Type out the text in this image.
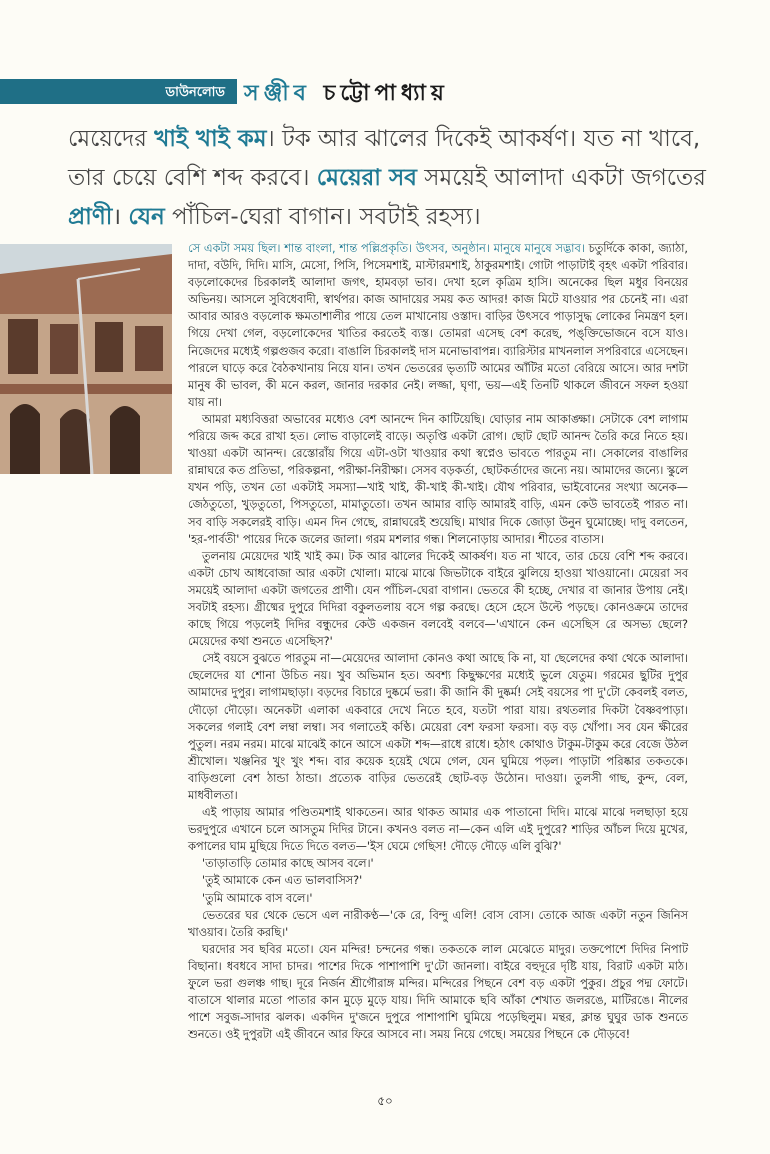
ডাউনলোড সঞ্জীব চট্টোপাধ্যায়
মেয়েদের খাই খাই কম। টক আর ঝালের দিকেই আকর্ষণ। যত না খাবে, তার চেয়ে বেশি শব্দ করবে। মেয়েরা সব সময়েই আলাদা একটা জগতের প্রাণী। যেন পাঁচিল-ঘেরা বাগান। সবটাই রহস্য।

সে একটা সময় ছিল। শান্ত বাংলা, শান্ত পল্লিপ্রকৃতি। উৎসব, অনুষ্ঠান। মানুষে মানুষে সদ্ভাব। চতুর্দিকে কাকা, জ্যাঠা, দাদা, বউদি, দিদি। মাসি, মেসো, পিসি, পিসেমশাই, মাস্টারমশাই, ঠাকুরমশাই। গোটা পাড়াটাই বৃহৎ একটা পরিবার। বড়লোকেদের চিরকালই আলাদা জগৎ, হামবড়া ভাব। দেখা হলে কৃত্রিম হাসি। অনেকের ছিল মধুর বিনয়ের অভিনয়। আসলে সুবিধেবাদী, স্বার্থপর। কাজ আদায়ের সময় কত আদর! কাজ মিটে যাওয়ার পর চেনেই না। এরা আবার আরও বড়লোক ক্ষমতাশালীর পায়ে তেল মাখানোয় ওস্তাদ। বাড়ির উৎসবে পাড়াসুদ্ধ লোকের নিমন্ত্রণ হল। গিয়ে দেখা গেল, বড়লোকেদের খাতির করতেই ব্যস্ত। তোমরা এসেছ বেশ করেছ, পঙ্‌ক্তিভোজনে বসে যাও। নিজেদের মধ্যেই গল্পগুজব করো। বাঙালি চিরকালই দাস মনোভাবাপন্ন। ব্যারিস্টার মাখনলাল সপরিবারে এসেছেন। পারলে ঘাড়ে করে বৈঠকখানায় নিয়ে যান। তখন ভেতরের ভৃত্যটি আমের আঁটির মতো বেরিয়ে আসে। আর দশটা মানুষ কী ভাবল, কী মনে করল, জানার দরকার নেই। লজ্জা, ঘৃণা, ভয়—এই তিনটি থাকলে জীবনে সফল হওয়া যায় না।

আমরা মধ্যবিত্তরা অভাবের মধ্যেও বেশ আনন্দে দিন কাটিয়েছি। ঘোড়ার নাম আকাঙ্ক্ষা। সেটাকে বেশ লাগাম পরিয়ে জব্দ করে রাখা হত। লোভ বাড়ালেই বাড়ে। অতৃপ্তি একটা রোগ। ছোট ছোট আনন্দ তৈরি করে নিতে হয়। খাওয়া একটা আনন্দ। রেস্তোরাঁয় গিয়ে এটা-ওটা খাওয়ার কথা স্বপ্নেও ভাবতে পারতুম না। সেকালের বাঙালির রান্নাঘরে কত প্রতিভা, পরিকল্পনা, পরীক্ষা-নিরীক্ষা। সেসব বড়কর্তা, ছোটকর্তাদের জন্যে নয়। আমাদের জন্যে। স্কুলে যখন পড়ি, তখন তো একটাই সমস্যা—খাই খাই, কী-খাই কী-খাই। যৌথ পরিবার, ভাইবোনের সংখ্যা অনেক—জেঠতুতো, খুড়তুতো, পিসতুতো, মামাতুতো। তখন আমার বাড়ি আমারই বাড়ি, এমন কেউ ভাবতেই পারত না। সব বাড়ি সকলেরই বাড়ি। এমন দিন গেছে, রান্নাঘরেই শুয়েছি। মাথার দিকে জোড়া উনুন ঘুমোচ্ছে। দাদু বলতেন, 'হর-পার্বতী' পায়ের দিকে জলের জালা। গরম মশলার গন্ধ। শিলনোড়ায় আদার। শীতের বাতাস।

তুলনায় মেয়েদের খাই খাই কম। টক আর ঝালের দিকেই আকর্ষণ। যত না খাবে, তার চেয়ে বেশি শব্দ করবে। একটা চোখ আধবোজা আর একটা খোলা। মাঝে মাঝে জিভটাকে বাইরে ঝুলিয়ে হাওয়া খাওয়ানো। মেয়েরা সব সময়েই আলাদা একটা জগতের প্রাণী। যেন পাঁচিল-ঘেরা বাগান। ভেতরে কী হচ্ছে, দেখার বা জানার উপায় নেই। সবটাই রহস্য। গ্রীষ্মের দুপুরে দিদিরা বকুলতলায় বসে গল্প করছে। হেসে হেসে উল্টে পড়ছে। কোনওক্রমে তাদের কাছে গিয়ে পড়লেই দিদির বন্ধুদের কেউ একজন বলবেই বলবে—'এখানে কেন এসেছিস রে অসভ্য ছেলে? মেয়েদের কথা শুনতে এসেছিস?'

সেই বয়সে বুঝতে পারতুম না—মেয়েদের আলাদা কোনও কথা আছে কি না, যা ছেলেদের কথা থেকে আলাদা। ছেলেদের যা শোনা উচিত নয়। খুব অভিমান হত। অবশ্য কিছুক্ষণের মধ্যেই ভুলে যেতুম। গরমের ছুটির দুপুর আমাদের দুপুর। লাগামছাড়া। বড়দের বিচারে দুষ্কর্মে ভরা। কী জানি কী দুষ্কর্ম! সেই বয়সের পা দু'টো কেবলই বলত, দৌড়ো দৌড়ো। অনেকটা এলাকা একবারে দেখে নিতে হবে, যতটা পারা যায়। রথতলার দিকটা বৈষ্ণবপাড়া। সকলের গলাই বেশ লম্বা লম্বা। সব গলাতেই কণ্ঠি। মেয়েরা বেশ ফরসা ফরসা। বড় বড় খোঁপা। সব যেন ক্ষীরের পুতুল। নরম নরম। মাঝে মাঝেই কানে আসে একটা শব্দ—রাধে রাধে। হঠাৎ কোথাও টাকুম-টাকুম করে বেজে উঠল শ্রীখোল। খঞ্জনির খুং খুং শব্দ। বার কয়েক হয়েই থেমে গেল, যেন ঘুমিয়ে পড়ল। পাড়াটা পরিষ্কার তকতকে। বাড়িগুলো বেশ ঠান্ডা ঠান্ডা। প্রত্যেক বাড়ির ভেতরেই ছোট-বড় উঠোন। দাওয়া। তুলসী গাছ, কুন্দ, বেল, মাধবীলতা।

এই পাড়ায় আমার পণ্ডিতমশাই থাকতেন। আর থাকত আমার এক পাতানো দিদি। মাঝে মাঝে দলছাড়া হয়ে ভরদুপুরে এখানে চলে আসতুম দিদির টানে। কখনও বলত না—কেন এলি এই দুপুরে? শাড়ির আঁচল দিয়ে মুখের, কপালের ঘাম মুছিয়ে দিতে দিতে বলত—'ইস ঘেমে গেছিস! দৌড়ে দৌড়ে এলি বুঝি?'

'তাড়াতাড়ি তোমার কাছে আসব বলে।'

'তুই আমাকে কেন এত ভালবাসিস?'

'তুমি আমাকে বাস বলে।'

ভেতরের ঘর থেকে ভেসে এল নারীকণ্ঠ—'কে রে, বিন্দু এলি! বোস বোস। তোকে আজ একটা নতুন জিনিস খাওয়াব। তৈরি করছি।'

ঘরদোর সব ছবির মতো। যেন মন্দির! চন্দনের গন্ধ। তকতকে লাল মেঝেতে মাদুর। তক্তপোশে দিদির নিপাট বিছানা। ধবধবে সাদা চাদর। পাশের দিকে পাশাপাশি দু'টো জানলা। বাইরে বহুদূরে দৃষ্টি যায়, বিরাট একটা মাঠ। ফুলে ভরা গুলঞ্চ গাছ। দূরে নির্জন শ্রীগৌরাঙ্গ মন্দির। মন্দিরের পিছনে বেশ বড় একটা পুকুর। প্রচুর পদ্ম ফোটে। বাতাসে থালার মতো পাতার কান মুড়ে মুড়ে যায়। দিদি আমাকে ছবি আঁকা শেখাত জলরঙে, মাটিরঙে। নীলের পাশে সবুজ-সাদার ঝলক। একদিন দু'জনে দুপুরে পাশাপাশি ঘুমিয়ে পড়েছিলুম। মন্থর, ক্লান্ত ঘুঘুর ডাক শুনতে শুনতে। ওই দুপুরটা এই জীবনে আর ফিরে আসবে না। সময় নিয়ে গেছে। সময়ের পিছনে কে দৌড়বে!

৫০
